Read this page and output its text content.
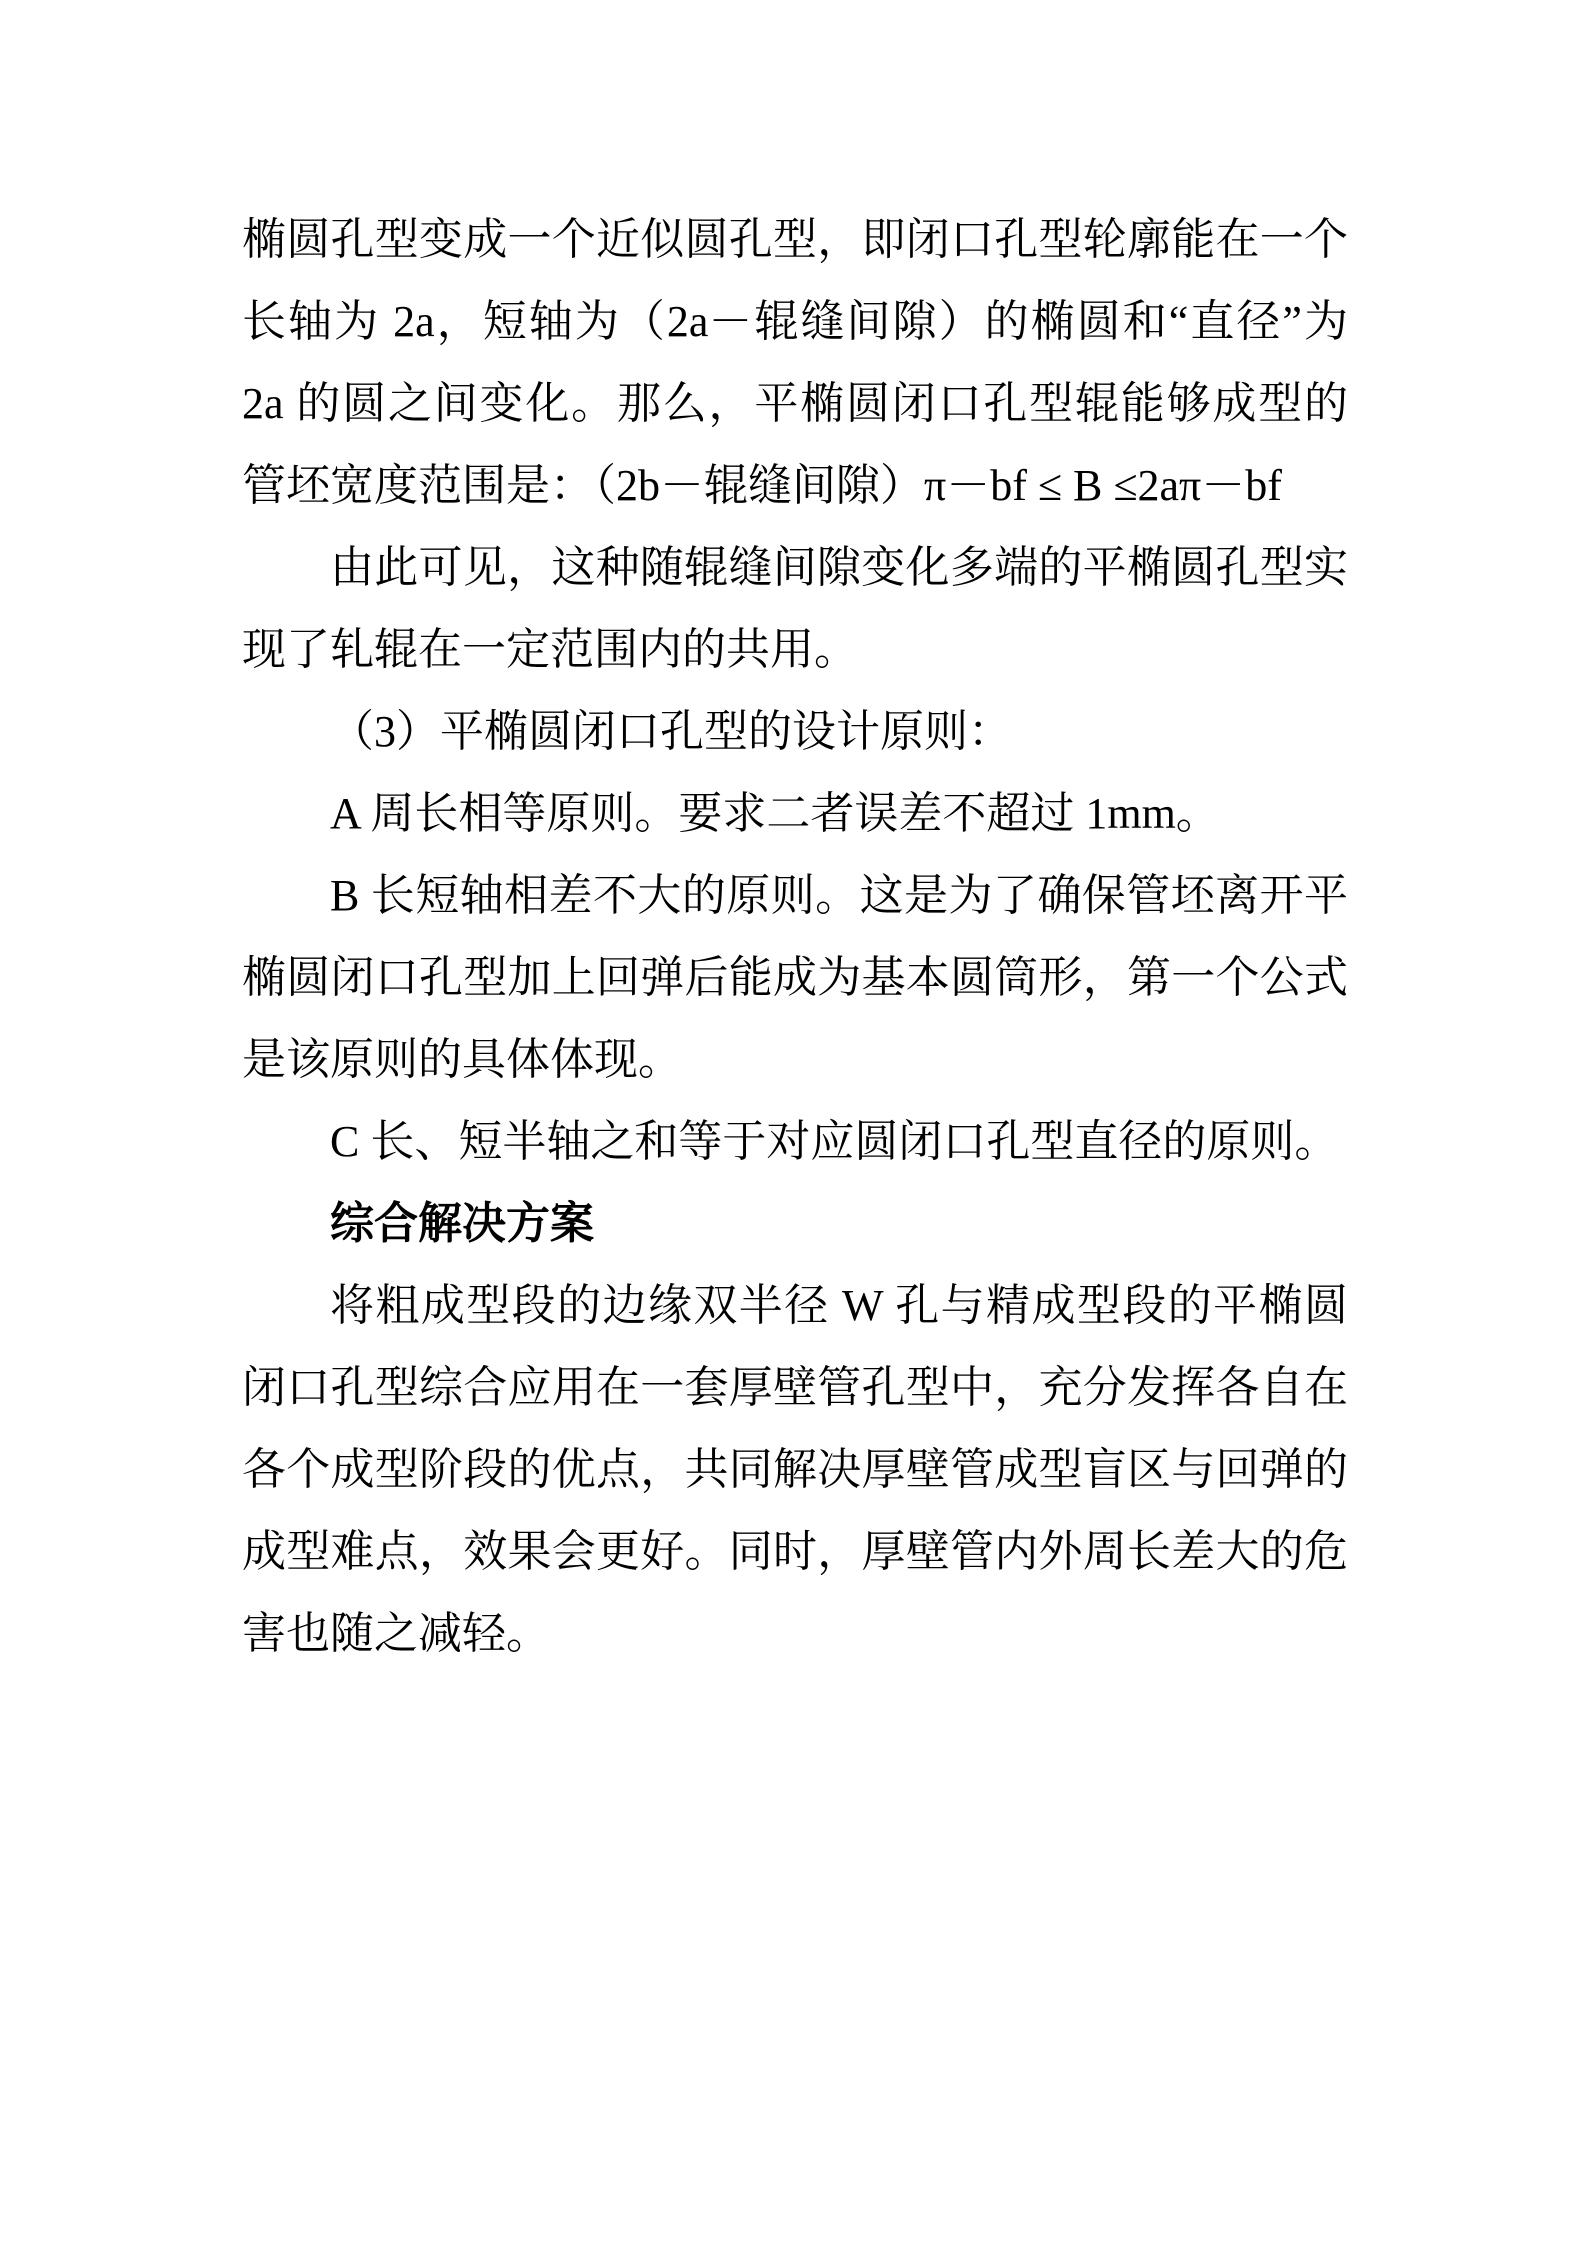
椭圆孔型变成一个近似圆孔型，即闭口孔型轮廓能在一个长轴为 2a，短轴为（2a－辊缝间隙）的椭圆和“直径”为 2a 的圆之间变化。那么，平椭圆闭口孔型辊能够成型的管坯宽度范围是：（2b－辊缝间隙）π－bf ≤ B ≤2aπ－bf

由此可见，这种随辊缝间隙变化多端的平椭圆孔型实现了轧辊在一定范围内的共用。

（3）平椭圆闭口孔型的设计原则：

A 周长相等原则。要求二者误差不超过 1mm。

B 长短轴相差不大的原则。这是为了确保管坯离开平椭圆闭口孔型加上回弹后能成为基本圆筒形，第一个公式是该原则的具体体现。

C 长、短半轴之和等于对应圆闭口孔型直径的原则。

综合解决方案

将粗成型段的边缘双半径 W 孔与精成型段的平椭圆闭口孔型综合应用在一套厚壁管孔型中，充分发挥各自在各个成型阶段的优点，共同解决厚壁管成型盲区与回弹的成型难点，效果会更好。同时，厚壁管内外周长差大的危害也随之减轻。
